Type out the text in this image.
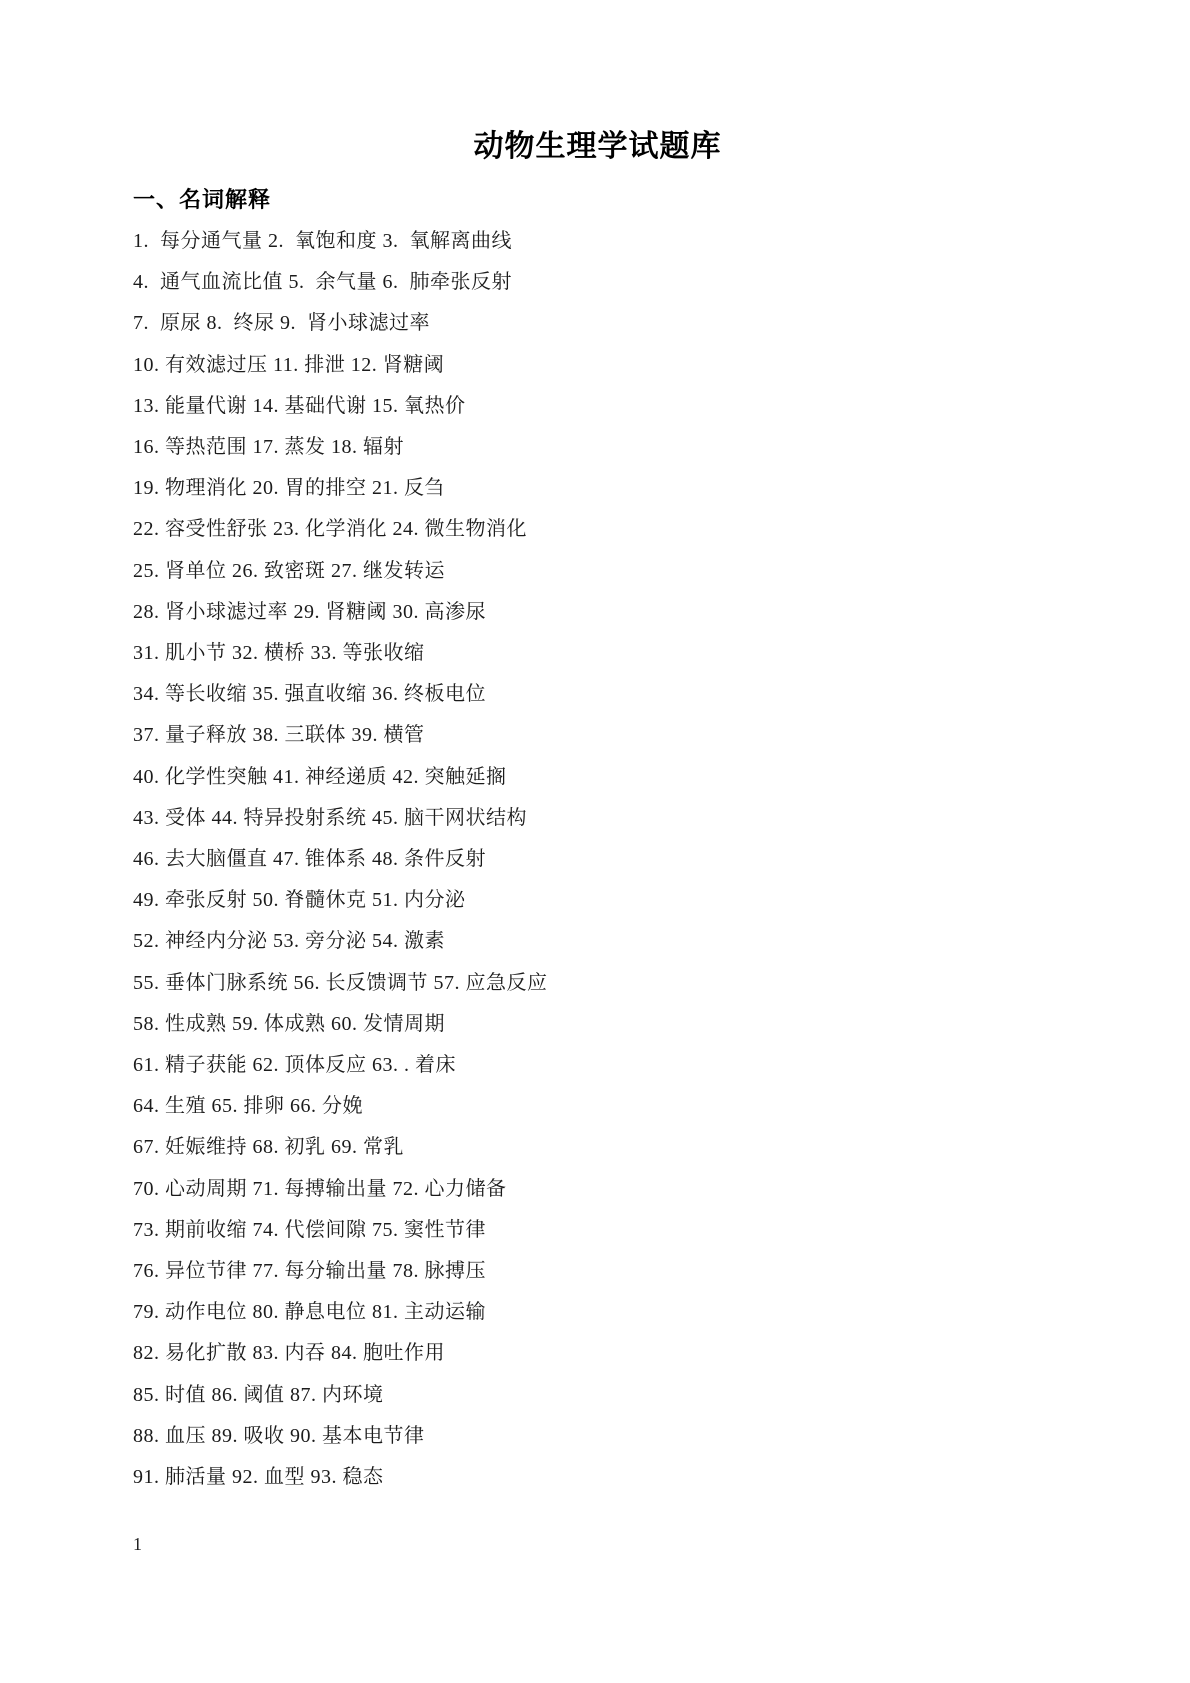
动物生理学试题库
一、名词解释
1.  每分通气量 2.  氧饱和度 3.  氧解离曲线
4.  通气血流比值 5.  余气量 6.  肺牵张反射
7.  原尿 8.  终尿 9.  肾小球滤过率
10. 有效滤过压 11. 排泄 12. 肾糖阈
13. 能量代谢 14. 基础代谢 15. 氧热价
16. 等热范围 17. 蒸发 18. 辐射
19. 物理消化 20. 胃的排空 21. 反刍
22. 容受性舒张 23. 化学消化 24. 微生物消化
25. 肾单位 26. 致密斑 27. 继发转运
28. 肾小球滤过率 29. 肾糖阈 30. 高渗尿
31. 肌小节 32. 横桥 33. 等张收缩
34. 等长收缩 35. 强直收缩 36. 终板电位
37. 量子释放 38. 三联体 39. 横管
40. 化学性突触 41. 神经递质 42. 突触延搁
43. 受体 44. 特异投射系统 45. 脑干网状结构
46. 去大脑僵直 47. 锥体系 48. 条件反射
49. 牵张反射 50. 脊髓休克 51. 内分泌
52. 神经内分泌 53. 旁分泌 54. 激素
55. 垂体门脉系统 56. 长反馈调节 57. 应急反应
58. 性成熟 59. 体成熟 60. 发情周期
61. 精子获能 62. 顶体反应 63. . 着床
64. 生殖 65. 排卵 66. 分娩
67. 妊娠维持 68. 初乳 69. 常乳
70. 心动周期 71. 每搏输出量 72. 心力储备
73. 期前收缩 74. 代偿间隙 75. 窦性节律
76. 异位节律 77. 每分输出量 78. 脉搏压
79. 动作电位 80. 静息电位 81. 主动运输
82. 易化扩散 83. 内吞 84. 胞吐作用
85. 时值 86. 阈值 87. 内环境
88. 血压 89. 吸收 90. 基本电节律
91. 肺活量 92. 血型 93. 稳态
1
